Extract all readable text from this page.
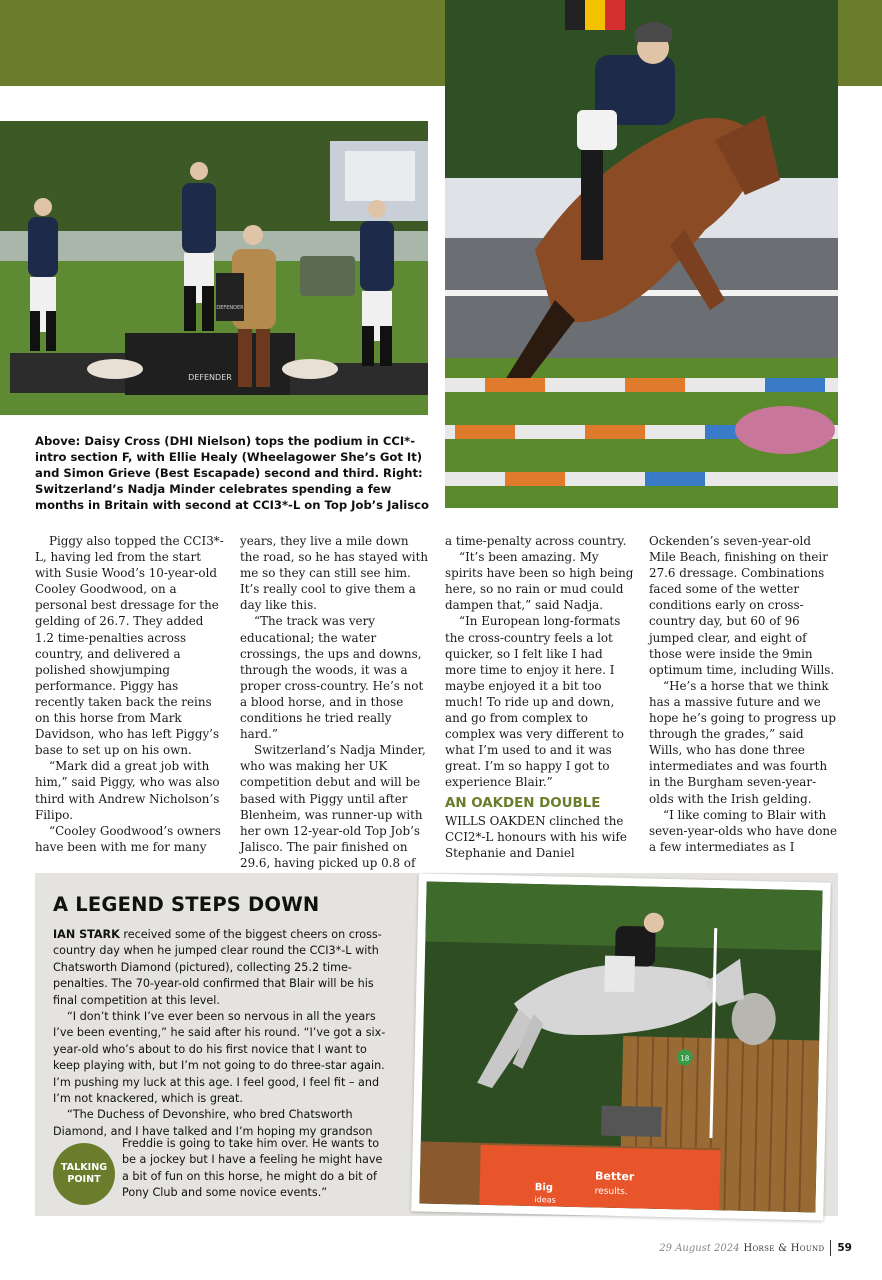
DEFENDER
DEFENDER
Above: Daisy Cross (DHI Nielson) tops the podium in CCI*-intro section F, with Ellie Healy (Wheelagower She’s Got It) and Simon Grieve (Best Escapade) second and third. Right: Switzerland’s Nadja Minder celebrates spending a few months in Britain with second at CCI3*-L on Top Job’s Jalisco

Piggy also topped the CCI3*-L, having led from the start with Susie Wood’s 10-year-old Cooley Goodwood, on a personal best dressage for the gelding of 26.7. They added 1.2 time-penalties across country, and delivered a polished showjumping performance. Piggy has recently taken back the reins on this horse from Mark Davidson, who has left Piggy’s base to set up on his own.

“Mark did a great job with him,” said Piggy, who was also third with Andrew Nicholson’s Filipo.

“Cooley Goodwood’s owners have been with me for many

years, they live a mile down the road, so he has stayed with me so they can still see him. It’s really cool to give them a day like this.

“The track was very educational; the water crossings, the ups and downs, through the woods, it was a proper cross-country. He’s not a blood horse, and in those conditions he tried really hard.”

Switzerland’s Nadja Minder, who was making her UK competition debut and will be based with Piggy until after Blenheim, was runner-up with her own 12-year-old Top Job’s Jalisco. The pair finished on 29.6, having picked up 0.8 of

a time-penalty across country.

“It’s been amazing. My spirits have been so high being here, so no rain or mud could dampen that,” said Nadja.

“In European long-formats the cross-country feels a lot quicker, so I felt like I had more time to enjoy it here. I maybe enjoyed it a bit too much! To ride up and down, and go from complex to complex was very different to what I’m used to and it was great. I’m so happy I got to experience Blair.”

AN OAKDEN DOUBLE

WILLS OAKDEN clinched the CCI2*-L honours with his wife Stephanie and Daniel

Ockenden’s seven-year-old Mile Beach, finishing on their 27.6 dressage. Combinations faced some of the wetter conditions early on cross-country day, but 60 of 96 jumped clear, and eight of those were inside the 9min optimum time, including Wills.

“He’s a horse that we think has a massive future and we hope he’s going to progress up through the grades,” said Wills, who has done three intermediates and was fourth in the Burgham seven-year-olds with the Irish gelding.

“I like coming to Blair with seven-year-olds who have done a few intermediates as I

A LEGEND STEPS DOWN

IAN STARK received some of the biggest cheers on cross-country day when he jumped clear round the CCI3*-L with Chatsworth Diamond (pictured), collecting 25.2 time-penalties. The 70-year-old confirmed that Blair will be his final competition at this level.

“I don’t think I’ve ever been so nervous in all the years I’ve been eventing,” he said after his round. “I’ve got a six-year-old who’s about to do his first novice that I want to keep playing with, but I’m not going to do three-star again. I’m pushing my luck at this age. I feel good, I feel fit – and I’m not knackered, which is great.

“The Duchess of Devonshire, who bred Chatsworth Diamond, and I have talked and I’m hoping my grandson

TALKING
POINT
Freddie is going to take him over. He wants to be a jockey but I have a feeling he might have a bit of fun on this horse, he might do a bit of Pony Club and some novice events.”
18
Big
ideas
Better
results.
29 August 2024 Horse & Hound 59
